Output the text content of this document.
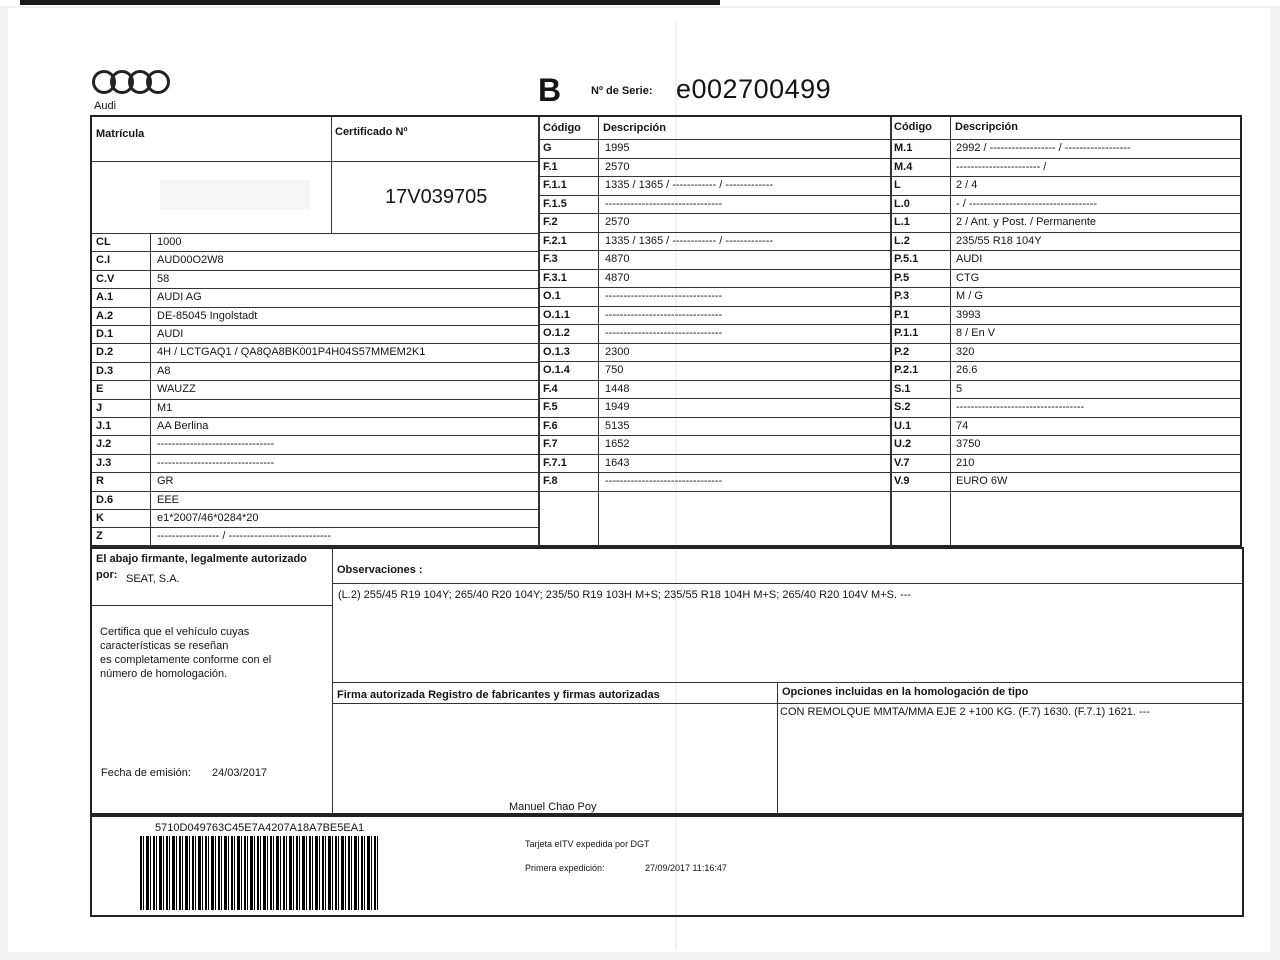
Audi	B	Nº de Serie: e002700499
Matrícula	Certificado Nº
17V039705
CL	1000
C.I	AUD00O2W8
C.V	58
A.1	AUDI AG
A.2	DE-85045 Ingolstadt
D.1	AUDI
D.2	4H / LCTGAQ1 / QA8QA8BK001P4H04S57MMEM2K1
D.3	A8
E	WAUZZ
J	M1
J.1	AA Berlina
J.2	--------------------------------
J.3	--------------------------------
R	GR
D.6	EEE
K	e1*2007/46*0284*20
Z	----------------- / ----------------------------
G	1995
F.1	2570
F.1.1	1335 / 1365 / ------------ / -------------
F.1.5	--------------------------------
F.2	2570
F.2.1	1335 / 1365 / ------------ / -------------
F.3	4870
F.3.1	4870
O.1	--------------------------------
O.1.1	--------------------------------
O.1.2	--------------------------------
O.1.3	2300
O.1.4	750
F.4	1448
F.5	1949
F.6	5135
F.7	1652
F.7.1	1643
F.8	--------------------------------
M.1	2992 / ------------------ / ------------------
M.4	----------------------- /
L	2 / 4
L.0	- / -----------------------------------
L.1	2 / Ant. y Post. / Permanente
L.2	235/55 R18 104Y
P.5.1	AUDI
P.5	CTG
P.3	M / G
P.1	3993
P.1.1	8 / En V
P.2	320
P.2.1	26.6
S.1	5
S.2	-----------------------------------
U.1	74
U.2	3750
V.7	210
V.9	EURO 6W
Código Descripción	Código Descripción
El abajo firmante, legalmente autorizado
por: SEAT, S.A.
Certifica que el vehículo cuyas
características se reseñan
es completamente conforme con el
número de homologación.
Fecha de emisión: 24/03/2017
Observaciones :
(L.2) 255/45 R19 104Y; 265/40 R20 104Y; 235/50 R19 103H M+S; 235/55 R18 104H M+S; 265/40 R20 104V M+S. ---
Firma autorizada Registro de fabricantes y firmas autorizadas
Manuel Chao Poy
Opciones incluidas en la homologación de tipo
CON REMOLQUE MMTA/MMA EJE 2 +100 KG. (F.7) 1630. (F.7.1) 1621. ---
5710D049763C45E7A4207A18A7BE5EA1
Tarjeta eITV expedida por DGT
Primera expedición:	27/09/2017 11:16:47
